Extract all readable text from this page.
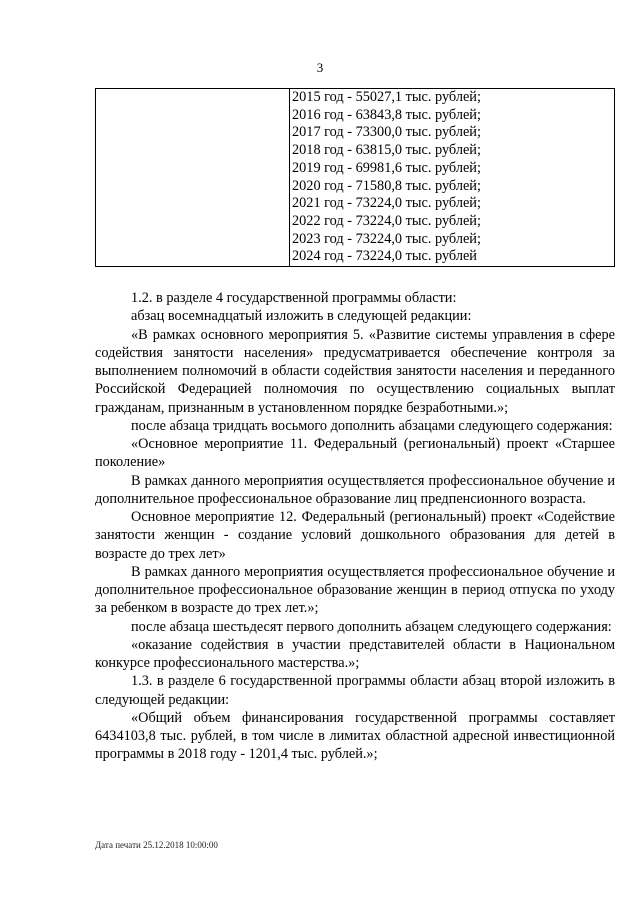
3

2015 год - 55027,1 тыс. рублей;
2016 год - 63843,8 тыс. рублей;
2017 год - 73300,0 тыс. рублей;
2018 год - 63815,0 тыс. рублей;
2019 год - 69981,6 тыс. рублей;
2020 год - 71580,8 тыс. рублей;
2021 год - 73224,0 тыс. рублей;
2022 год - 73224,0 тыс. рублей;
2023 год - 73224,0 тыс. рублей;
2024 год - 73224,0 тыс. рублей

1.2. в разделе 4 государственной программы области:

абзац восемнадцатый изложить в следующей редакции:

«В рамках основного мероприятия 5. «Развитие системы управления в сфере содействия занятости населения» предусматривается обеспечение контроля за выполнением полномочий в области содействия занятости населения и переданного Российской Федерацией полномочия по осуществлению социальных выплат гражданам, признанным в установленном порядке безработными.»;

после абзаца тридцать восьмого дополнить абзацами следующего содержания:

«Основное мероприятие 11. Федеральный (региональный) проект «Старшее поколение»

В рамках данного мероприятия осуществляется профессиональное обучение и дополнительное профессиональное образование лиц предпенсионного возраста.

Основное мероприятие 12. Федеральный (региональный) проект «Содействие занятости женщин - создание условий дошкольного образования для детей в возрасте до трех лет»

В рамках данного мероприятия осуществляется профессиональное обучение и дополнительное профессиональное образование женщин в период отпуска по уходу за ребенком в возрасте до трех лет.»;

после абзаца шестьдесят первого дополнить абзацем следующего содержания:

«оказание содействия в участии представителей области в Национальном конкурсе профессионального мастерства.»;

1.3. в разделе 6 государственной программы области абзац второй изложить в следующей редакции:

«Общий объем финансирования государственной программы составляет 6434103,8 тыс. рублей, в том числе в лимитах областной адресной инвестиционной программы в 2018 году - 1201,4 тыс. рублей.»;

Дата печати 25.12.2018 10:00:00
